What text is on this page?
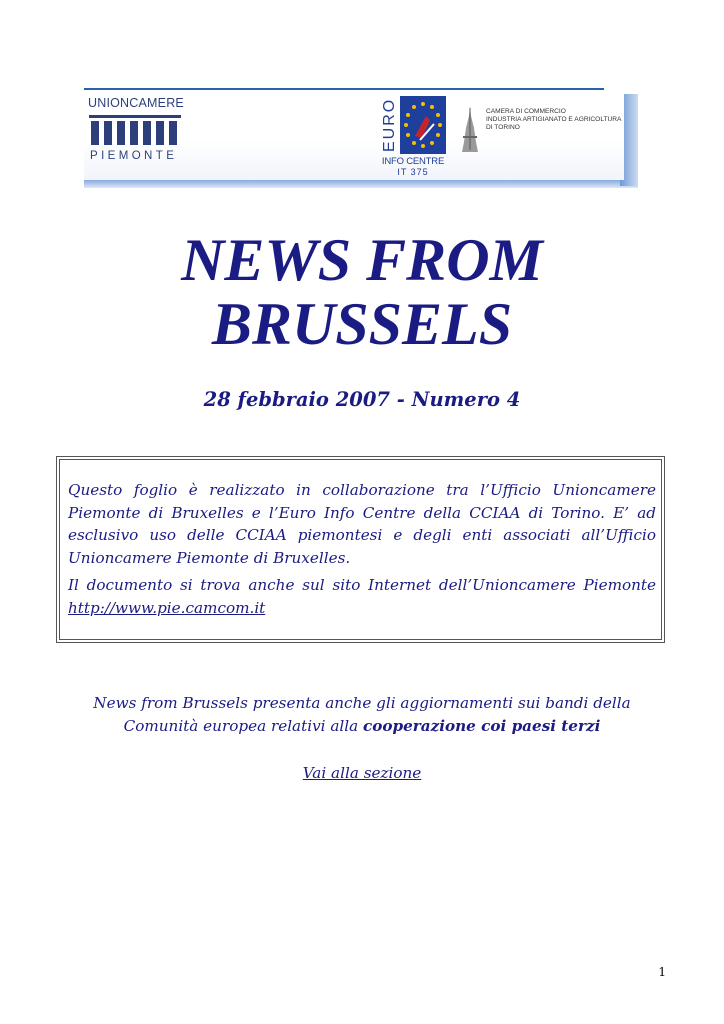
UNIONCAMERE
PIEMONTE
EURO
INFO CENTRE
IT 375
CAMERA DI COMMERCIO
INDUSTRIA ARTIGIANATO E AGRICOLTURA
DI TORINO
NEWS FROM
BRUSSELS
28 febbraio 2007 - Numero 4

Questo foglio è realizzato in collaborazione tra l’Ufficio Unioncamere Piemonte di Bruxelles e l’Euro Info Centre della CCIAA di Torino. E’ ad esclusivo uso delle CCIAA piemontesi e degli enti associati all’Ufficio Unioncamere Piemonte di Bruxelles.

Il documento si trova anche sul sito Internet dell’Unioncamere Piemonte http://www.pie.camcom.it

News from Brussels presenta anche gli aggiornamenti sui bandi della Comunità europea relativi alla cooperazione coi paesi terzi
Vai alla sezione
1
